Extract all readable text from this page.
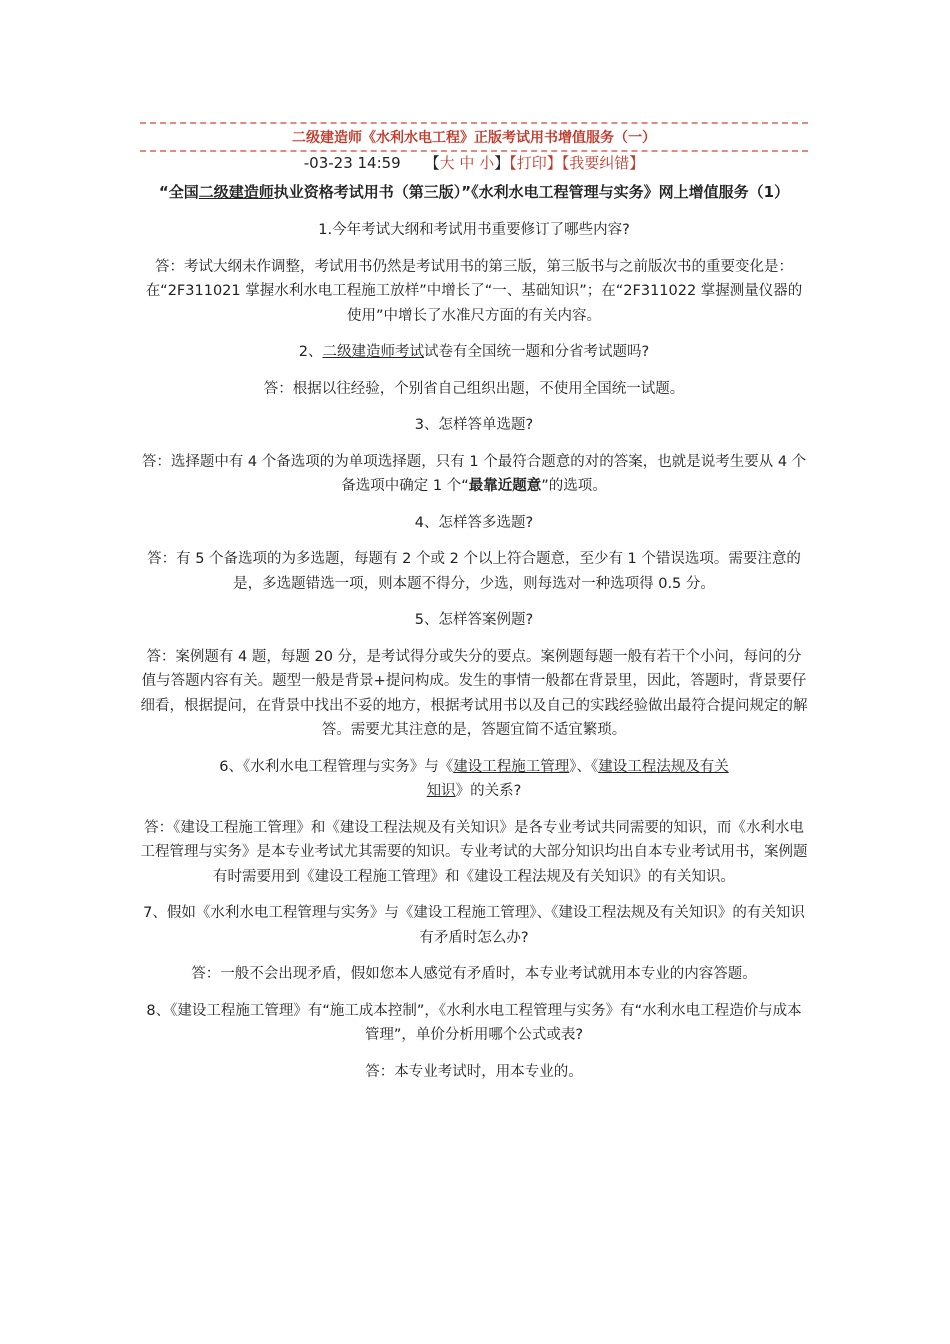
二级建造师《水利水电工程》正版考试用书增值服务（一）
-03-23 14:59 【大 中 小】【打印】【我要纠错】

“全国二级建造师执业资格考试用书（第三版）”《水利水电工程管理与实务》网上增值服务（1）

1.今年考试大纲和考试用书重要修订了哪些内容?

答：考试大纲未作调整，考试用书仍然是考试用书的第三版，第三版书与之前版次书的重要变化是：在“2F311021 掌握水利水电工程施工放样”中增长了“一、基础知识”；在“2F311022 掌握测量仪器的使用”中增长了水准尺方面的有关内容。

2、二级建造师考试试卷有全国统一题和分省考试题吗?

答：根据以往经验，个别省自己组织出题，不使用全国统一试题。

3、怎样答单选题?

答：选择题中有 4 个备选项的为单项选择题，只有 1 个最符合题意的对的答案，也就是说考生要从 4 个备选项中确定 1 个“最靠近题意”的选项。

4、怎样答多选题?

答：有 5 个备选项的为多选题，每题有 2 个或 2 个以上符合题意，至少有 1 个错误选项。需要注意的是，多选题错选一项，则本题不得分，少选，则每选对一种选项得 0.5 分。

5、怎样答案例题?

答：案例题有 4 题，每题 20 分，是考试得分或失分的要点。案例题每题一般有若干个小问，每问的分值与答题内容有关。题型一般是背景+提问构成。发生的事情一般都在背景里，因此，答题时，背景要仔细看，根据提问，在背景中找出不妥的地方，根据考试用书以及自己的实践经验做出最符合提问规定的解答。需要尤其注意的是，答题宜简不适宜繁琐。

6、《水利水电工程管理与实务》与《建设工程施工管理》、《建设工程法规及有关
知识》的关系?

答：《建设工程施工管理》和《建设工程法规及有关知识》是各专业考试共同需要的知识，而《水利水电工程管理与实务》是本专业考试尤其需要的知识。专业考试的大部分知识均出自本专业考试用书，案例题有时需要用到《建设工程施工管理》和《建设工程法规及有关知识》的有关知识。

7、假如《水利水电工程管理与实务》与《建设工程施工管理》、《建设工程法规及有关知识》的有关知识有矛盾时怎么办?

答：一般不会出现矛盾，假如您本人感觉有矛盾时，本专业考试就用本专业的内容答题。

8、《建设工程施工管理》有“施工成本控制”，《水利水电工程管理与实务》有“水利水电工程造价与成本管理”，单价分析用哪个公式或表?

答：本专业考试时，用本专业的。
